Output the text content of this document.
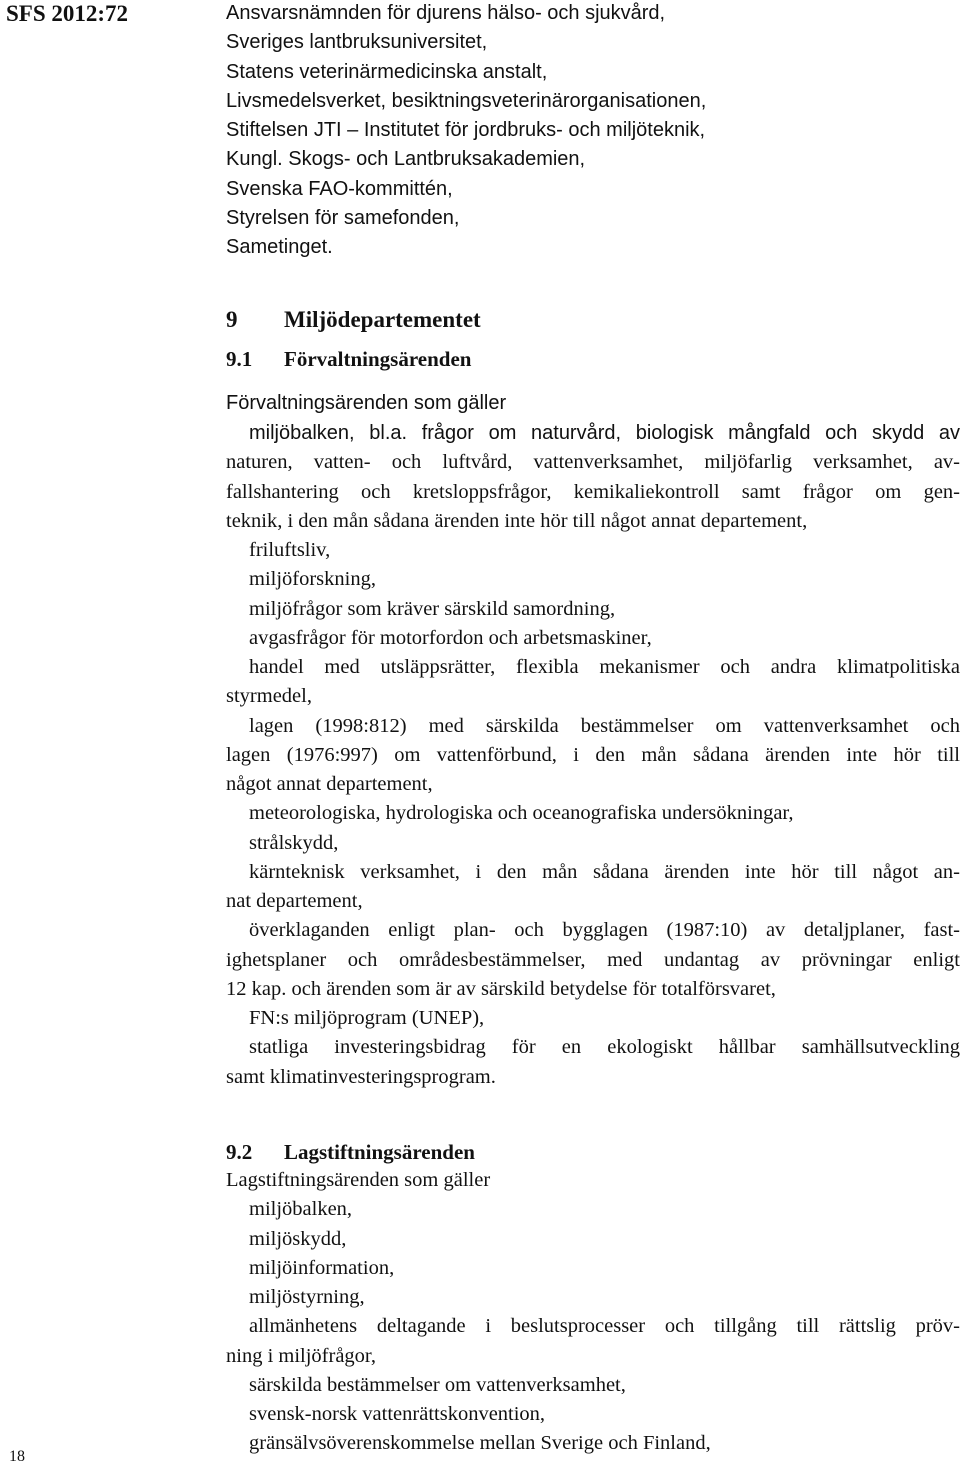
SFS 2012:72	Ansvarsnämnden för djurens hälso- och sjukvård,
Sveriges lantbruksuniversitet,
Statens veterinärmedicinska anstalt,
Livsmedelsverket, besiktningsveterinärorganisationen,
Stiftelsen JTI – Institutet för jordbruks- och miljöteknik,
Kungl. Skogs- och Lantbruksakademien,
Svenska FAO-kommittén,
Styrelsen för samefonden,
Sametinget.
9 Miljödepartementet
9.1 Förvaltningsärenden
Förvaltningsärenden som gäller
miljöbalken, bl.a. frågor om naturvård, biologisk mångfald och skydd av
naturen, vatten- och luftvård, vattenverksamhet, miljöfarlig verksamhet, av-
fallshantering och kretsloppsfrågor, kemikaliekontroll samt frågor om gen-
teknik, i den mån sådana ärenden inte hör till något annat departement,
friluftsliv,
miljöforskning,
miljöfrågor som kräver särskild samordning,
avgasfrågor för motorfordon och arbetsmaskiner,
handel med utsläppsrätter, flexibla mekanismer och andra klimatpolitiska
styrmedel,
lagen (1998:812) med särskilda bestämmelser om vattenverksamhet och
lagen (1976:997) om vattenförbund, i den mån sådana ärenden inte hör till
något annat departement,
meteorologiska, hydrologiska och oceanografiska undersökningar,
strålskydd,
kärnteknisk verksamhet, i den mån sådana ärenden inte hör till något an-
nat departement,
överklaganden enligt plan- och bygglagen (1987:10) av detaljplaner, fast-
ighetsplaner och områdesbestämmelser, med undantag av prövningar enligt
12 kap. och ärenden som är av särskild betydelse för totalförsvaret,
FN:s miljöprogram (UNEP),
statliga investeringsbidrag för en ekologiskt hållbar samhällsutveckling
samt klimatinvesteringsprogram.
9.2 Lagstiftningsärenden
Lagstiftningsärenden som gäller
miljöbalken,
miljöskydd,
miljöinformation,
miljöstyrning,
allmänhetens deltagande i beslutsprocesser och tillgång till rättslig pröv-
ning i miljöfrågor,
särskilda bestämmelser om vattenverksamhet,
svensk-norsk vattenrättskonvention,
gränsälvsöverenskommelse mellan Sverige och Finland,
18
